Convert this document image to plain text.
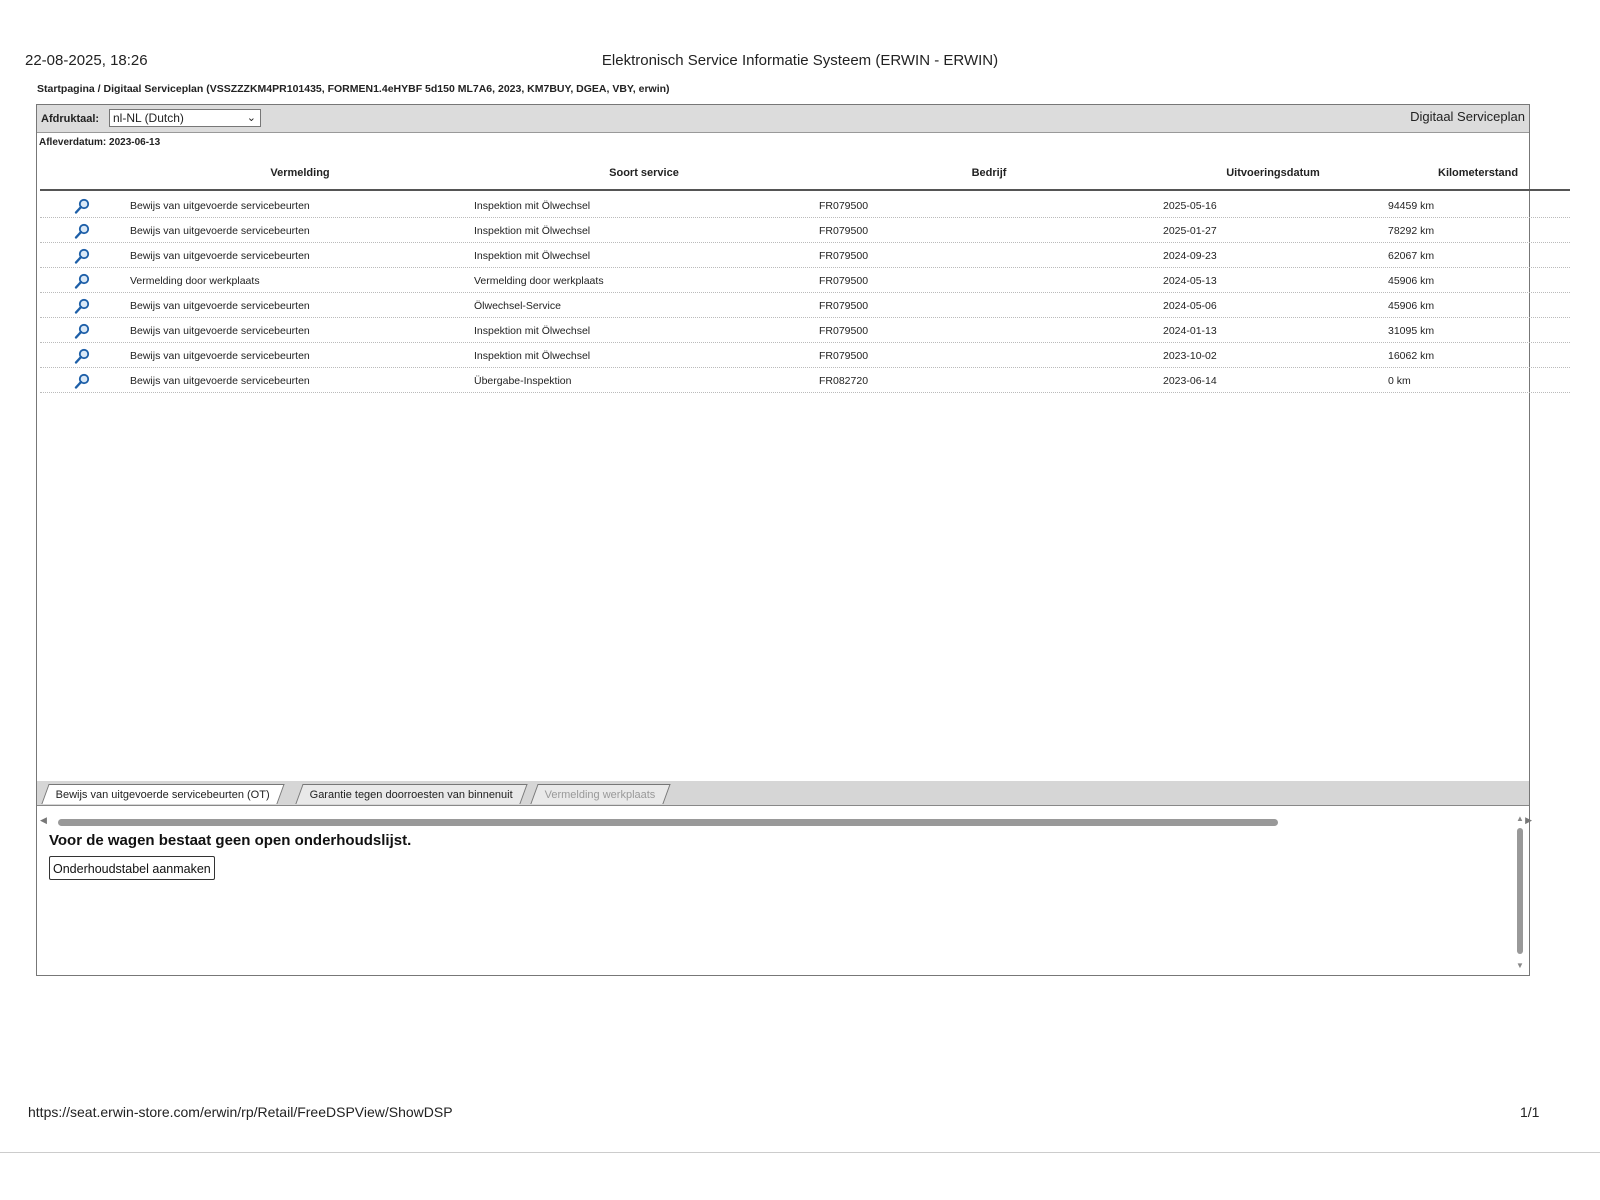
22-08-2025, 18:26	Elektronisch Service Informatie Systeem (ERWIN - ERWIN)
Startpagina / Digitaal Serviceplan (VSSZZZKM4PR101435, FORMEN1.4eHYBF 5d150 ML7A6, 2023, KM7BUY, DGEA, VBY, erwin)
Afdruktaal:	nl-NL (Dutch)	⌄	Digitaal Serviceplan
Afleverdatum: 2023-06-13
Vermelding	Soort service	Bedrijf	Uitvoeringsdatum	Kilometerstand
Bewijs van uitgevoerde servicebeurten	Inspektion mit Ölwechsel	FR079500	2025-05-16	94459 km
Bewijs van uitgevoerde servicebeurten	Inspektion mit Ölwechsel	FR079500	2025-01-27	78292 km
Bewijs van uitgevoerde servicebeurten	Inspektion mit Ölwechsel	FR079500	2024-09-23	62067 km
Vermelding door werkplaats	Vermelding door werkplaats	FR079500	2024-05-13	45906 km
Bewijs van uitgevoerde servicebeurten	Ölwechsel-Service	FR079500	2024-05-06	45906 km
Bewijs van uitgevoerde servicebeurten	Inspektion mit Ölwechsel	FR079500	2024-01-13	31095 km
Bewijs van uitgevoerde servicebeurten	Inspektion mit Ölwechsel	FR079500	2023-10-02	16062 km
Bewijs van uitgevoerde servicebeurten	Übergabe-Inspektion	FR082720	2023-06-14	0 km
◀	▶
Bewijs van uitgevoerde servicebeurten (OT)	Garantie tegen doorroesten van binnenuit	Vermelding werkplaats
Voor de wagen bestaat geen open onderhoudslijst.
Onderhoudstabel aanmaken
▲
▼
https://seat.erwin-store.com/erwin/rp/Retail/FreeDSPView/ShowDSP	1/1
